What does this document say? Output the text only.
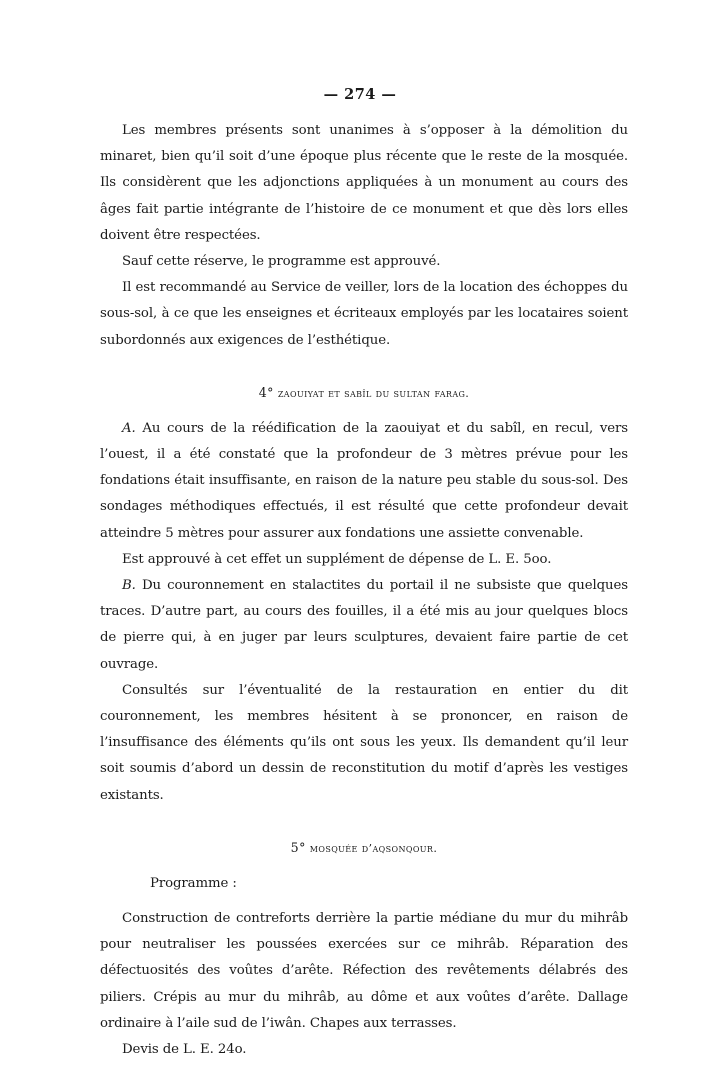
— 274 —

Les membres présents sont unanimes à s’opposer à la démolition du minaret, bien qu’il soit d’une époque plus récente que le reste de la mosquée. Ils considèrent que les adjonctions appliquées à un monument au cours des âges fait partie intégrante de l’histoire de ce monument et que dès lors elles doivent être respectées.

Sauf cette réserve, le programme est approuvé.

Il est recommandé au Service de veiller, lors de la location des échoppes du sous-sol, à ce que les enseignes et écriteaux employés par les locataires soient subordonnés aux exigences de l’esthétique.

4° zaouiyat et sabîl du sultan farag.

A. Au cours de la réédification de la zaouiyat et du sabîl, en recul, vers l’ouest, il a été constaté que la profondeur de 3 mètres prévue pour les fondations était insuffisante, en raison de la nature peu stable du sous-sol. Des sondages méthodiques effectués, il est résulté que cette profondeur devait atteindre 5 mètres pour assurer aux fondations une assiette convenable.

Est approuvé à cet effet un supplément de dépense de L. E. 5oo.

B. Du couronnement en stalactites du portail il ne subsiste que quelques traces. D’autre part, au cours des fouilles, il a été mis au jour quelques blocs de pierre qui, à en juger par leurs sculptures, devaient faire partie de cet ouvrage.

Consultés sur l’éventualité de la restauration en entier du dit couronnement, les membres hésitent à se prononcer, en raison de l’insuffisance des éléments qu’ils ont sous les yeux. Ils demandent qu’il leur soit soumis d’abord un dessin de reconstitution du motif d’après les vestiges existants.

5° mosquée d’aqsonqour.

Programme :

Construction de contreforts derrière la partie médiane du mur du mihrâb pour neutraliser les poussées exercées sur ce mihrâb. Réparation des défectuosités des voûtes d’arête. Réfection des revêtements délabrés des piliers. Crépis au mur du mihrâb, au dôme et aux voûtes d’arête. Dallage ordinaire à l’aile sud de l’iwân. Chapes aux terrasses.

Devis de L. E. 24o.
